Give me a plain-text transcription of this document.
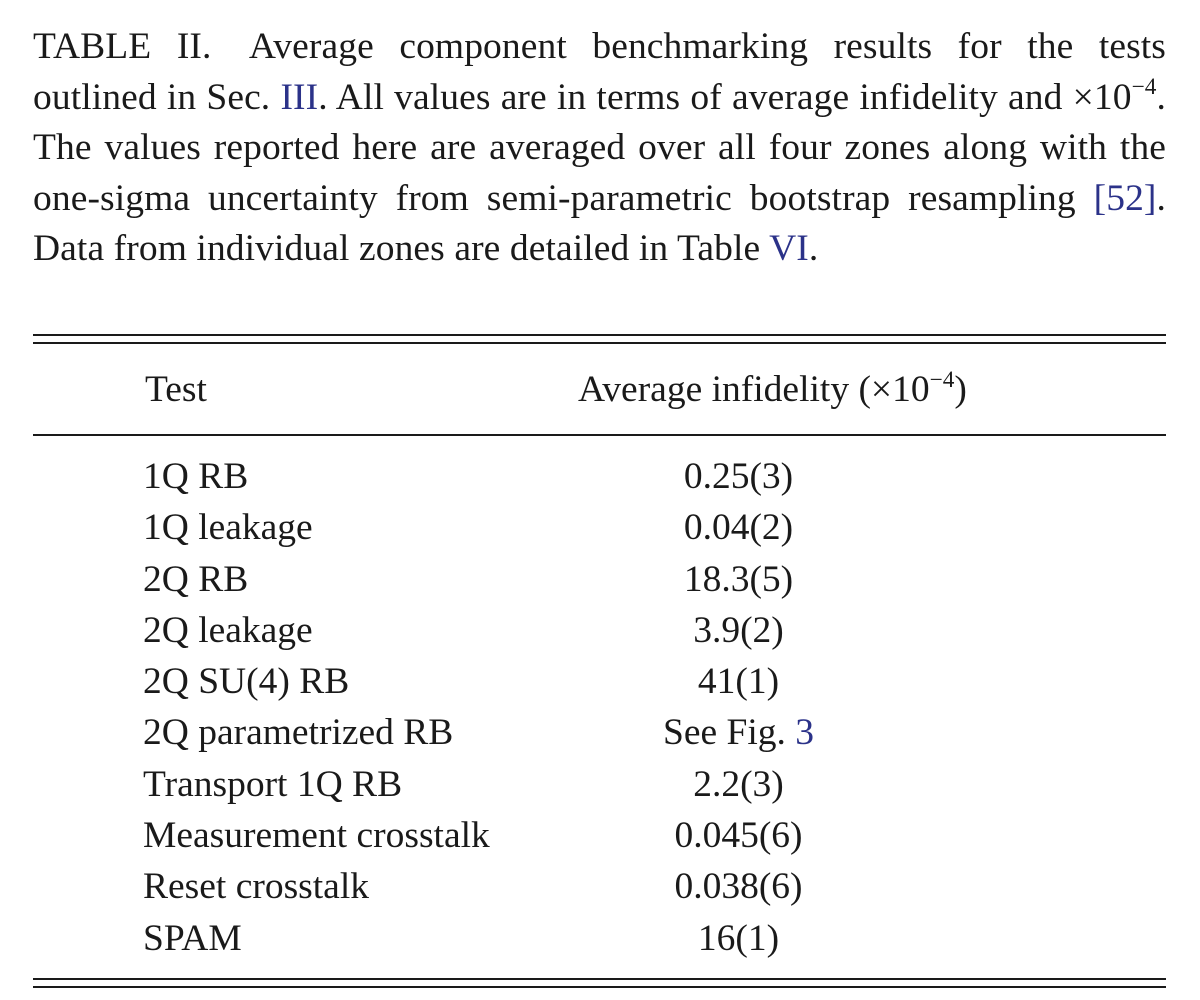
TABLE II. Average component benchmarking results for the tests outlined in Sec. III. All values are in terms of average infidelity and $\times 10^{-4}$. The values reported here are averaged over all four zones along with the one-sigma uncertainty from semi-parametric bootstrap resampling [52]. Data from individual zones are detailed in Table VI.

Test	Average infidelity $(\times 10^{-4})$
1Q RB	0.25(3)
1Q leakage	0.04(2)
2Q RB	18.3(5)
2Q leakage	3.9(2)
2Q SU(4) RB	41(1)
2Q parametrized RB	See Fig. 3
Transport 1Q RB	2.2(3)
Measurement crosstalk	0.045(6)
Reset crosstalk	0.038(6)
SPAM	16(1)
